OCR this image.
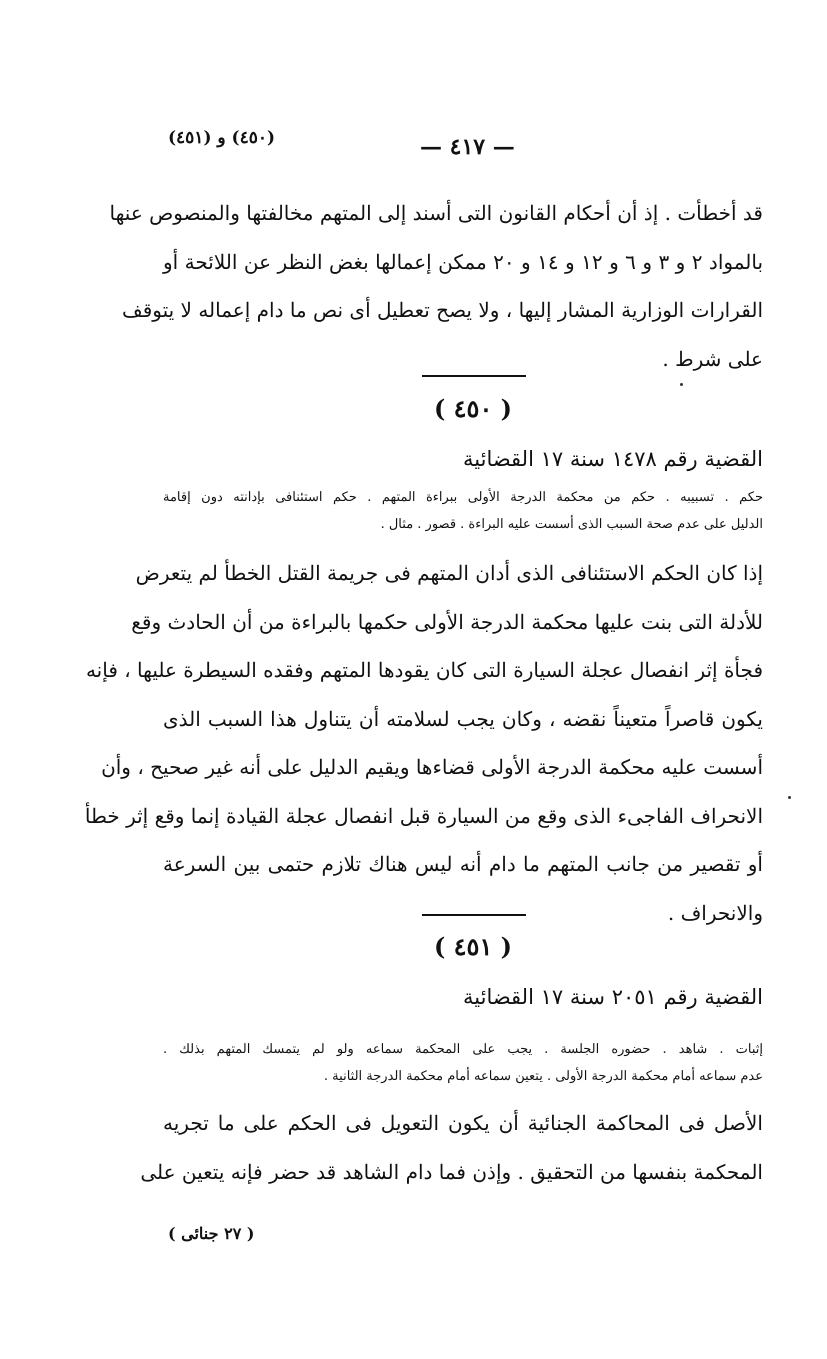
(٤٥٠) و (٤٥١)	— ٤١٧ —
قد أخطأت . إذ أن أحكام القانون التى أسند إلى المتهم مخالفتها والمنصوص عنها
بالمواد ٢ و ٣ و ٦ و ١٢ و ١٤ و ٢٠ ممكن إعمالها بغض النظر عن اللائحة أو
القرارات الوزارية المشار إليها ، ولا يصح تعطيل أى نص ما دام إعماله لا يتوقف
على شرط .
( ٤٥٠ )
القضية رقم ١٤٧٨ سنة ١٧ القضائية
حكم . تسبيبه . حكم من محكمة الدرجة الأولى ببراءة المتهم . حكم استئنافى بإدانته دون إقامة
الدليل على عدم صحة السبب الذى أسست عليه البراءة . قصور . مثال .
إذا كان الحكم الاستئنافى الذى أدان المتهم فى جريمة القتل الخطأ لم يتعرض
للأدلة التى بنت عليها محكمة الدرجة الأولى حكمها بالبراءة من أن الحادث وقع
فجأة إثر انفصال عجلة السيارة التى كان يقودها المتهم وفقده السيطرة عليها ، فإنه
يكون قاصراً متعيناً نقضه ، وكان يجب لسلامته أن يتناول هذا السبب الذى
أسست عليه محكمة الدرجة الأولى قضاءها ويقيم الدليل على أنه غير صحيح ، وأن
الانحراف الفاجىء الذى وقع من السيارة قبل انفصال عجلة القيادة إنما وقع إثر خطأ
أو تقصير من جانب المتهم ما دام أنه ليس هناك تلازم حتمى بين السرعة
والانحراف .
( ٤٥١ )
القضية رقم ٢٠٥١ سنة ١٧ القضائية
إثبات . شاهد . حضوره الجلسة . يجب على المحكمة سماعه ولو لم يتمسك المتهم بذلك .
عدم سماعه أمام محكمة الدرجة الأولى . يتعين سماعه أمام محكمة الدرجة الثانية .
الأصل فى المحاكمة الجنائية أن يكون التعويل فى الحكم على ما تجريه
المحكمة بنفسها من التحقيق . وإذن فما دام الشاهد قد حضر فإنه يتعين على
( ٢٧ جنائى )
